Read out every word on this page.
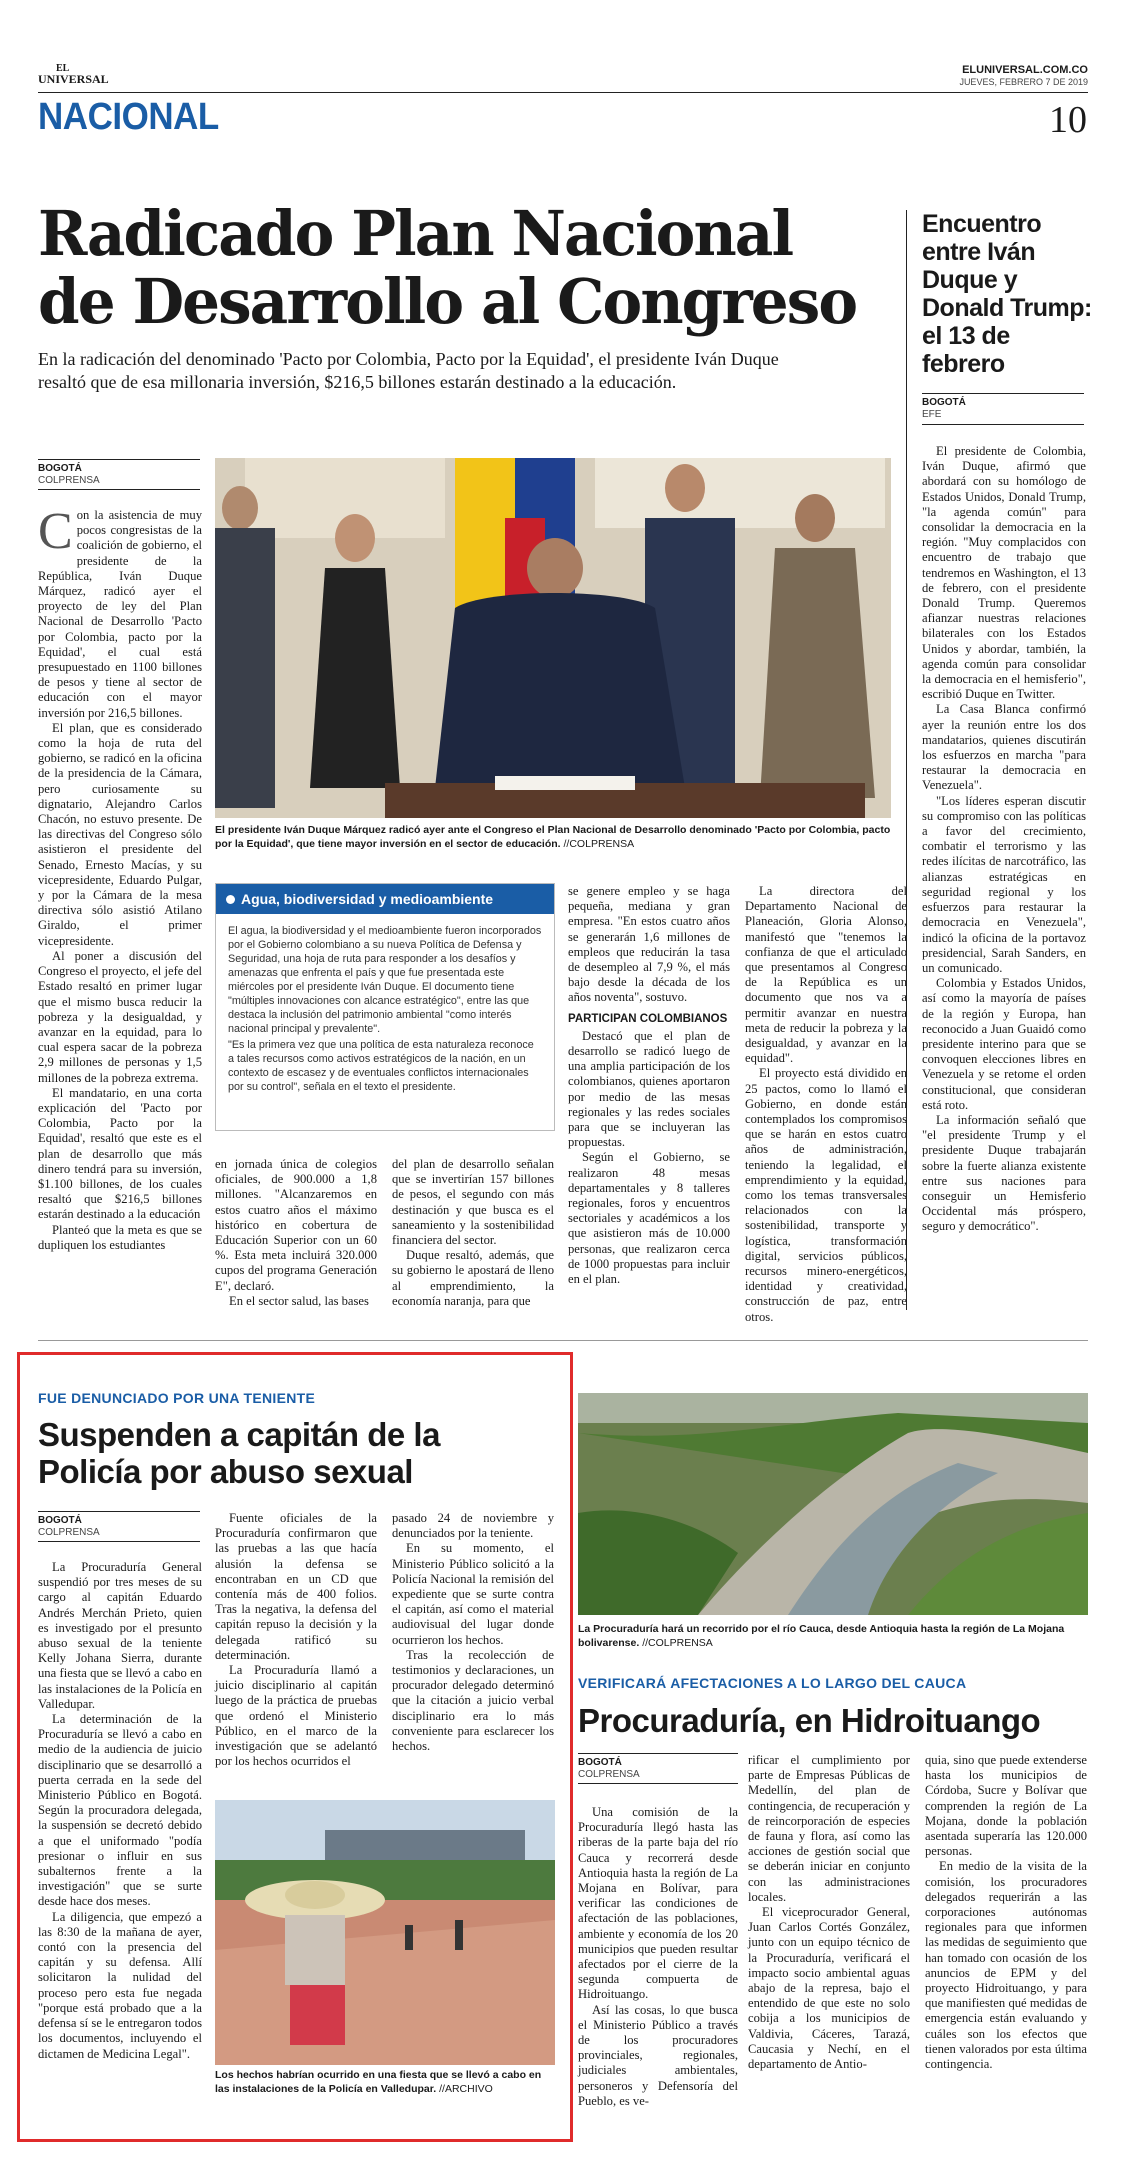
EL
UNIVERSAL
ELUNIVERSAL.COM.CO
JUEVES, FEBRERO 7 DE 2019
NACIONAL	10
Radicado Plan Nacional
de Desarrollo al Congreso
En la radicación del denominado 'Pacto por Colombia, Pacto por la Equidad', el presidente Iván Duque resaltó que de esa millonaria inversión, $216,5 billones estarán destinado a la educación.
Encuentro entre Iván Duque y Donald Trump: el 13 de febrero
BOGOTÁ
EFE

El presidente de Colombia, Iván Duque, afirmó que abordará con su homólogo de Estados Unidos, Donald Trump, "la agenda común" para consolidar la democracia en la región. "Muy complacidos con encuentro de trabajo que tendremos en Washington, el 13 de febrero, con el presidente Donald Trump. Queremos afianzar nuestras relaciones bilaterales con los Estados Unidos y abordar, también, la agenda común para consolidar la democracia en el hemisferio", escribió Duque en Twitter.

La Casa Blanca confirmó ayer la reunión entre los dos mandatarios, quienes discutirán los esfuerzos en marcha "para restaurar la democracia en Venezuela".

"Los líderes esperan discutir su compromiso con las políticas a favor del crecimiento, combatir el terrorismo y las redes ilícitas de narcotráfico, las alianzas estratégicas en seguridad regional y los esfuerzos para restaurar la democracia en Venezuela", indicó la oficina de la portavoz presidencial, Sarah Sanders, en un comunicado.

Colombia y Estados Unidos, así como la mayoría de países de la región y Europa, han reconocido a Juan Guaidó como presidente interino para que se convoquen elecciones libres en Venezuela y se retome el orden constitucional, que consideran está roto.

La información señaló que "el presidente Trump y el presidente Duque trabajarán sobre la fuerte alianza existente entre sus naciones para conseguir un Hemisferio Occidental más próspero, seguro y democrático".

BOGOTÁ
COLPRENSA

Con la asistencia de muy pocos congresistas de la coalición de gobierno, el presidente de la República, Iván Duque Márquez, radicó ayer el proyecto de ley del Plan Nacional de Desarrollo 'Pacto por Colombia, pacto por la Equidad', el cual está presupuestado en 1100 billones de pesos y tiene al sector de educación con el mayor inversión por 216,5 billones.

El plan, que es considerado como la hoja de ruta del gobierno, se radicó en la oficina de la presidencia de la Cámara, pero curiosamente su dignatario, Alejandro Carlos Chacón, no estuvo presente. De las directivas del Congreso sólo asistieron el presidente del Senado, Ernesto Macías, y su vicepresidente, Eduardo Pulgar, y por la Cámara de la mesa directiva sólo asistió Atilano Giraldo, el primer vicepresidente.

Al poner a discusión del Congreso el proyecto, el jefe del Estado resaltó en primer lugar que el mismo busca reducir la pobreza y la desigualdad, y avanzar en la equidad, para lo cual espera sacar de la pobreza 2,9 millones de personas y 1,5 millones de la pobreza extrema.

El mandatario, en una corta explicación del 'Pacto por Colombia, Pacto por la Equidad', resaltó que este es el plan de desarrollo que más dinero tendrá para su inversión, $1.100 billones, de los cuales resaltó que $216,5 billones estarán destinado a la educación

Planteó que la meta es que se dupliquen los estudiantes

El presidente Iván Duque Márquez radicó ayer ante el Congreso el Plan Nacional de Desarrollo denominado 'Pacto por Colombia, pacto por la Equidad', que tiene mayor inversión en el sector de educación. //COLPRENSA
Agua, biodiversidad y medioambiente

El agua, la biodiversidad y el medioambiente fueron incorporados por el Gobierno colombiano a su nueva Política de Defensa y Seguridad, una hoja de ruta para responder a los desafíos y amenazas que enfrenta el país y que fue presentada este miércoles por el presidente Iván Duque. El documento tiene "múltiples innovaciones con alcance estratégico", entre las que destaca la inclusión del patrimonio ambiental "como interés nacional principal y prevalente".

"Es la primera vez que una política de esta naturaleza reconoce a tales recursos como activos estratégicos de la nación, en un contexto de escasez y de eventuales conflictos internacionales por su control", señala en el texto el presidente.

en jornada única de colegios oficiales, de 900.000 a 1,8 millones. "Alcanzaremos en estos cuatro años el máximo histórico en cobertura de Educación Superior con un 60 %. Esta meta incluirá 320.000 cupos del programa Generación E", declaró.

En el sector salud, las bases

del plan de desarrollo señalan que se invertirían 157 billones de pesos, el segundo con más destinación y que busca es el saneamiento y la sostenibilidad financiera del sector.

Duque resaltó, además, que su gobierno le apostará de lleno al emprendimiento, la economía naranja, para que

se genere empleo y se haga pequeña, mediana y gran empresa. "En estos cuatro años se generarán 1,6 millones de empleos que reducirán la tasa de desempleo al 7,9 %, el más bajo desde la década de los años noventa", sostuvo.

PARTICIPAN COLOMBIANOS

Destacó que el plan de desarrollo se radicó luego de una amplia participación de los colombianos, quienes aportaron por medio de las mesas regionales y las redes sociales para que se incluyeran las propuestas.

Según el Gobierno, se realizaron 48 mesas departamentales y 8 talleres regionales, foros y encuentros sectoriales y académicos a los que asistieron más de 10.000 personas, que realizaron cerca de 1000 propuestas para incluir en el plan.

La directora del Departamento Nacional de Planeación, Gloria Alonso, manifestó que "tenemos la confianza de que el articulado que presentamos al Congreso de la República es un documento que nos va a permitir avanzar en nuestra meta de reducir la pobreza y la desigualdad, y avanzar en la equidad".

El proyecto está dividido en 25 pactos, como lo llamó el Gobierno, en donde están contemplados los compromisos que se harán en estos cuatro años de administración, teniendo la legalidad, el emprendimiento y la equidad, como los temas transversales relacionados con la sostenibilidad, transporte y logística, transformación digital, servicios públicos, recursos minero-energéticos, identidad y creatividad, construcción de paz, entre otros.

FUE DENUNCIADO POR UNA TENIENTE
Suspenden a capitán de la
Policía por abuso sexual
BOGOTÁ
COLPRENSA

La Procuraduría General suspendió por tres meses de su cargo al capitán Eduardo Andrés Merchán Prieto, quien es investigado por el presunto abuso sexual de la teniente Kelly Johana Sierra, durante una fiesta que se llevó a cabo en las instalaciones de la Policía en Valledupar.

La determinación de la Procuraduría se llevó a cabo en medio de la audiencia de juicio disciplinario que se desarrolló a puerta cerrada en la sede del Ministerio Público en Bogotá. Según la procuradora delegada, la suspensión se decretó debido a que el uniformado "podía presionar o influir en sus subalternos frente a la investigación" que se surte desde hace dos meses.

La diligencia, que empezó a las 8:30 de la mañana de ayer, contó con la presencia del capitán y su defensa. Allí solicitaron la nulidad del proceso pero esta fue negada "porque está probado que a la defensa sí se le entregaron todos los documentos, incluyendo el dictamen de Medicina Legal".

Fuente oficiales de la Procuraduría confirmaron que las pruebas a las que hacía alusión la defensa se encontraban en un CD que contenía más de 400 folios. Tras la negativa, la defensa del capitán repuso la decisión y la delegada ratificó su determinación.

La Procuraduría llamó a juicio disciplinario al capitán luego de la práctica de pruebas que ordenó el Ministerio Público, en el marco de la investigación que se adelantó por los hechos ocurridos el

pasado 24 de noviembre y denunciados por la teniente.

En su momento, el Ministerio Público solicitó a la Policía Nacional la remisión del expediente que se surte contra el capitán, así como el material audiovisual del lugar donde ocurrieron los hechos.

Tras la recolección de testimonios y declaraciones, un procurador delegado determinó que la citación a juicio verbal disciplinario era lo más conveniente para esclarecer los hechos.

Los hechos habrían ocurrido en una fiesta que se llevó a cabo en las instalaciones de la Policía en Valledupar. //ARCHIVO
La Procuraduría hará un recorrido por el río Cauca, desde Antioquia hasta la región de La Mojana bolivarense. //COLPRENSA
VERIFICARÁ AFECTACIONES A LO LARGO DEL CAUCA
Procuraduría, en Hidroituango
BOGOTÁ
COLPRENSA

Una comisión de la Procuraduría llegó hasta las riberas de la parte baja del río Cauca y recorrerá desde Antioquia hasta la región de La Mojana en Bolívar, para verificar las condiciones de afectación de las poblaciones, ambiente y economía de los 20 municipios que pueden resultar afectados por el cierre de la segunda compuerta de Hidroituango.

Así las cosas, lo que busca el Ministerio Público a través de los procuradores provinciales, regionales, judiciales ambientales, personeros y Defensoría del Pueblo, es ve-

rificar el cumplimiento por parte de Empresas Públicas de Medellín, del plan de contingencia, de recuperación y de reincorporación de especies de fauna y flora, así como las acciones de gestión social que se deberán iniciar en conjunto con las administraciones locales.

El viceprocurador General, Juan Carlos Cortés González, junto con un equipo técnico de la Procuraduría, verificará el impacto socio ambiental aguas abajo de la represa, bajo el entendido de que este no solo cobija a los municipios de Valdivia, Cáceres, Tarazá, Caucasia y Nechí, en el departamento de Antio-

quia, sino que puede extenderse hasta los municipios de Córdoba, Sucre y Bolívar que comprenden la región de La Mojana, donde la población asentada superaría las 120.000 personas.

En medio de la visita de la comisión, los procuradores delegados requerirán a las corporaciones autónomas regionales para que informen las medidas de seguimiento que han tomado con ocasión de los anuncios de EPM y del proyecto Hidroituango, y para que manifiesten qué medidas de emergencia están evaluando y cuáles son los efectos que tienen valorados por esta última contingencia.
